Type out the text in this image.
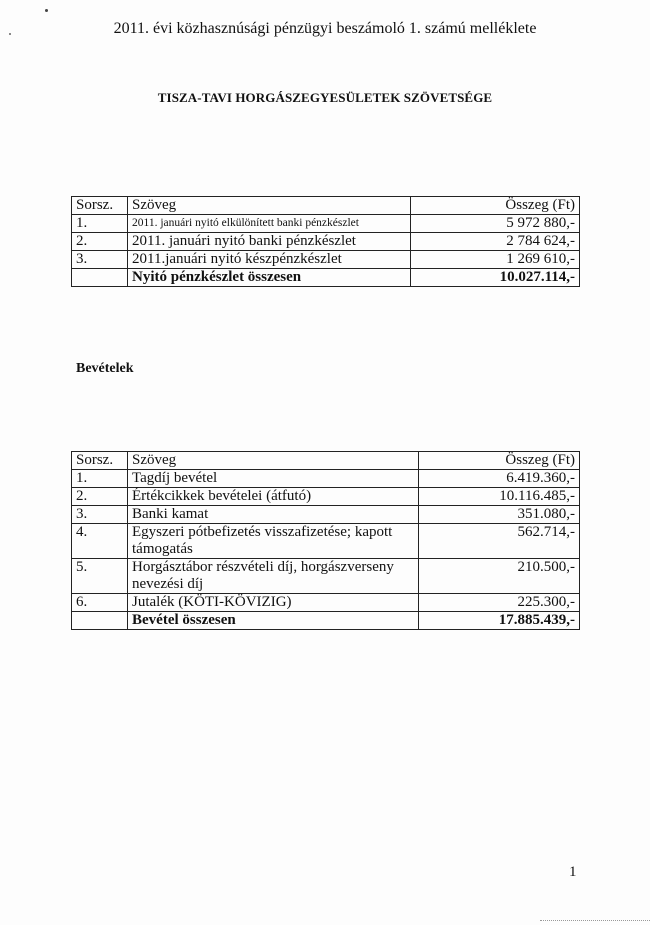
2011. évi közhasznúsági pénzügyi beszámoló 1. számú melléklete
TISZA-TAVI HORGÁSZEGYESÜLETEK SZÖVETSÉGE
Sorsz.	Szöveg	Összeg (Ft)
1.	2011. januári nyitó elkülönített banki pénzkészlet	5 972 880,-
2.	2011. januári nyitó banki pénzkészlet	2 784 624,-
3.	2011.januári nyitó készpénzkészlet	1 269 610,-
	Nyitó pénzkészlet összesen	10.027.114,-
Bevételek
Sorsz.	Szöveg	Összeg (Ft)
1.	Tagdíj bevétel	6.419.360,-
2.	Értékcikkek bevételei (átfutó)	10.116.485,-
3.	Banki kamat	351.080,-
4.	Egyszeri pótbefizetés visszafizetése; kapott támogatás	562.714,-
5.	Horgásztábor részvételi díj, horgászverseny nevezési díj	210.500,-
6.	Jutalék (KÖTI-KÖVIZIG)	225.300,-
	Bevétel összesen	17.885.439,-
1
